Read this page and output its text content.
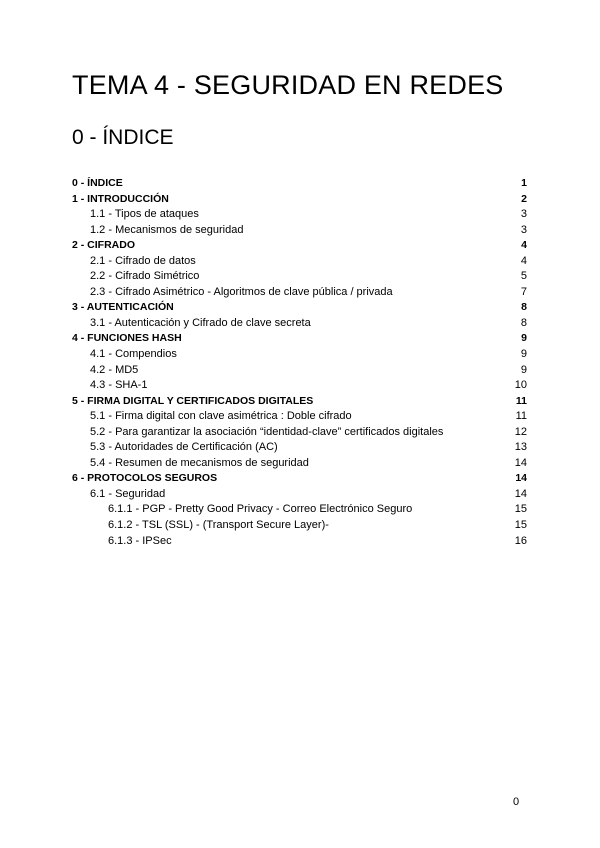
TEMA 4 - SEGURIDAD EN REDES
0 - ÍNDICE
0 - ÍNDICE	1
1 - INTRODUCCIÓN	2
1.1 - Tipos de ataques	3
1.2 - Mecanismos de seguridad	3
2 - CIFRADO	4
2.1 - Cifrado de datos	4
2.2 - Cifrado Simétrico	5
2.3 - Cifrado Asimétrico - Algoritmos de clave pública / privada	7
3 - AUTENTICACIÓN	8
3.1 - Autenticación y Cifrado de clave secreta	8
4 - FUNCIONES HASH	9
4.1 - Compendios	9
4.2 - MD5	9
4.3 - SHA-1	10
5 - FIRMA DIGITAL Y CERTIFICADOS DIGITALES	11
5.1 - Firma digital con clave asimétrica : Doble cifrado	11
5.2 - Para garantizar la asociación “identidad-clave” certificados digitales	12
5.3 - Autoridades de Certificación (AC)	13
5.4 - Resumen de mecanismos de seguridad	14
6 - PROTOCOLOS SEGUROS	14
6.1 - Seguridad	14
6.1.1 - PGP - Pretty Good Privacy - Correo Electrónico Seguro	15
6.1.2 - TSL (SSL) - (Transport Secure Layer)-	15
6.1.3 - IPSec	16
0
